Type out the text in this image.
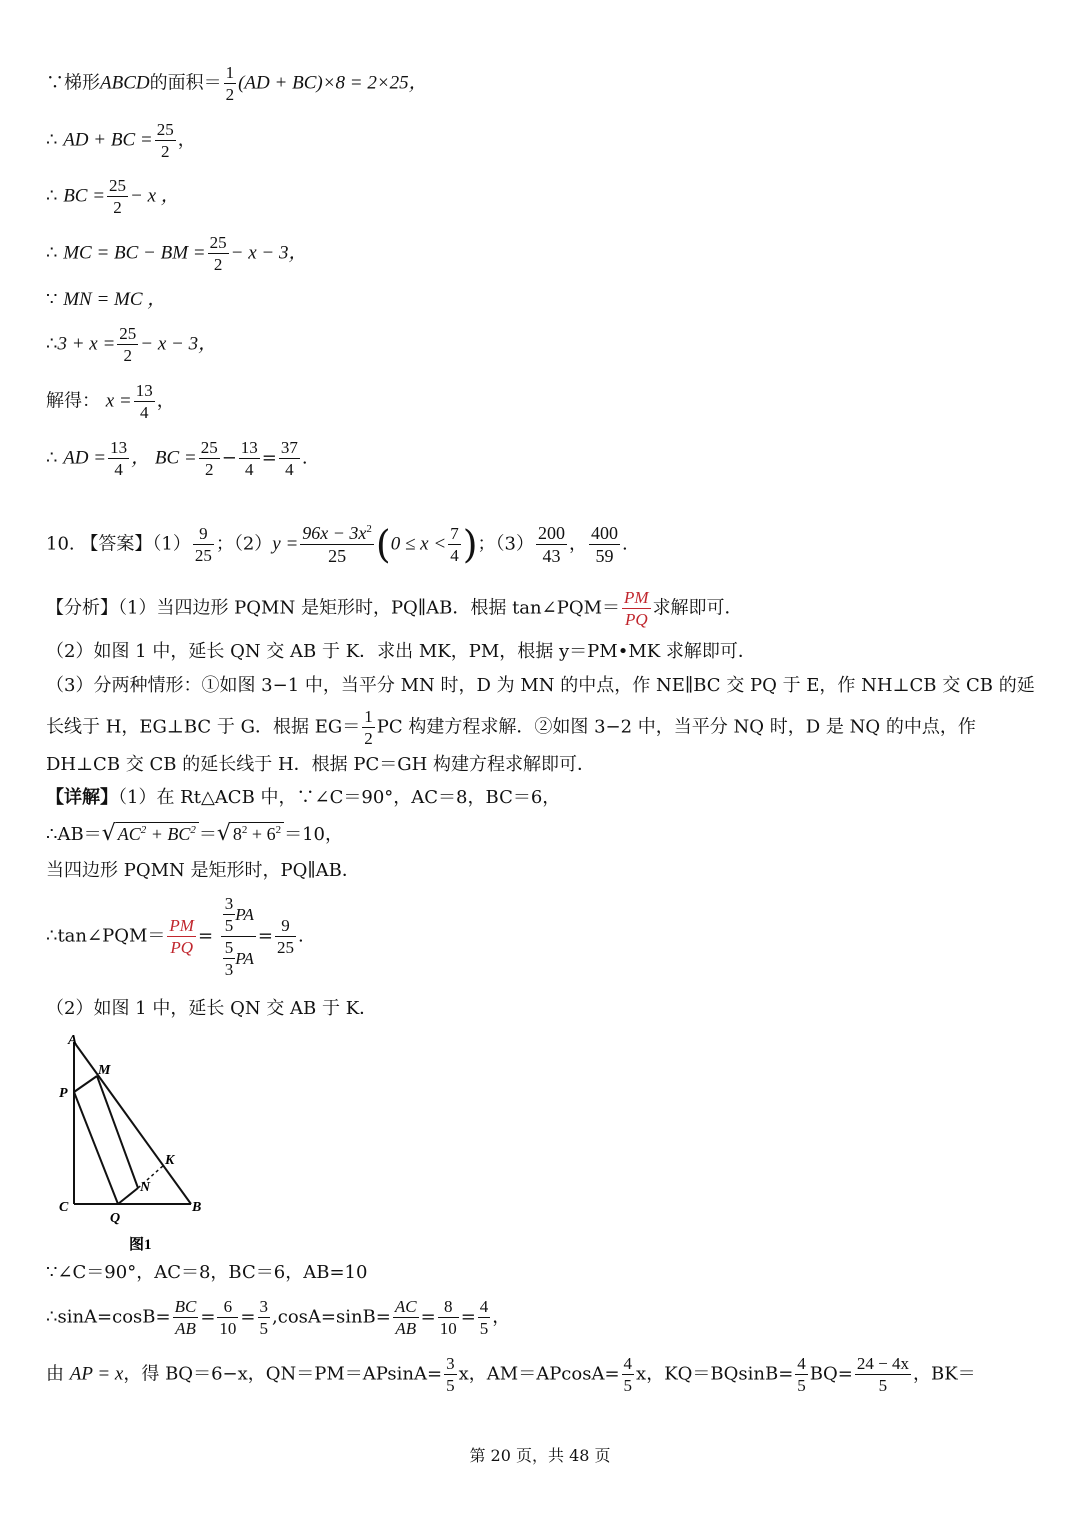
∵梯形ABCD的面积＝ $\frac{1}{2} (AD + BC)\times 8 = 2\times 25$，
∴ AD + BC = $\frac{25}{2}$ ，
∴ BC = $\frac{25}{2} - x$ ，
∴ MC = BC − BM = $\frac{25}{2} - x - 3$，
∵ MN = MC ，
∴3 + $x = \frac{25}{2} - x - 3$，
解得： $x = \frac{13}{4}$ ，
∴ AD = $\frac{13}{4}$ ， BC = $\frac{25}{2} - \frac{13}{4} = \frac{37}{4}$ .
10. 【答案】$(1) \frac{9}{25}$ ；$(2)y = \frac{96x - 3x^2}{25} (0 \le x < \frac{7}{4}$ )；$(3) \frac{200}{43}$ ， $\frac{400}{59}$ .
【分析】（1）当四边形 PQMN 是矩形时，PQ∥AB．根据 tan∠PQM＝ $\frac{PM}{PQ}$ 求解即可．
（2）如图 1 中，延长 QN 交 AB 于 K．求出 MK，PM，根据 y＝PM•MK 求解即可．
（3）分两种情形：①如图 3−1 中，当平分 MN 时，D 为 MN 的中点，作 NE∥BC 交 PQ 于 E，作 NH⊥CB 交 CB 的延
长线于 H，EG⊥BC 于 G．根据 $EG= \frac{1}{2}$ PC 构建方程求解．②如图 3−2 中，当平分 NQ 时，D 是 NQ 的中点，作
DH⊥CB 交 CB 的延长线于 H．根据 PC＝GH 构建方程求解即可．
【详解】（1）在 Rt△ACB 中，∵∠C＝90°，AC＝8，BC＝6，
∴AB＝√ $AC^2 + BC^2$ ＝√ $8^2 + 6^2 =10$，
当四边形 PQMN 是矩形时，PQ∥AB．
∴tan∠PQM＝ $\frac{PM}{PQ} = \frac{\frac{3}{5} PA}{\frac{5}{3} PA} = \frac{9}{25}$ .
（2）如图 1 中，延长 QN 交 AB 于 K．
A
M
P
K
N
C
Q
B
图1
∵∠C＝90°，AC＝8，BC＝6，AB=10
∴sinA=cosB= $\frac{BC}{AB} = \frac{6}{10} = \frac{3}{5} ,\cos A=\sin B= \frac{AC}{AB} = \frac{8}{10} = \frac{4}{5}$ ，
由 AP = x，得 BQ＝6−x，$QN=PM=APsinA= \frac{3}{5}$ x，$AM=APcosA= \frac{4}{5}$ x，$KQ=BQsinB= \frac{4}{5} BQ= \frac{24 - 4x}{5}$ ，BK＝
第 20 页，共 48 页
